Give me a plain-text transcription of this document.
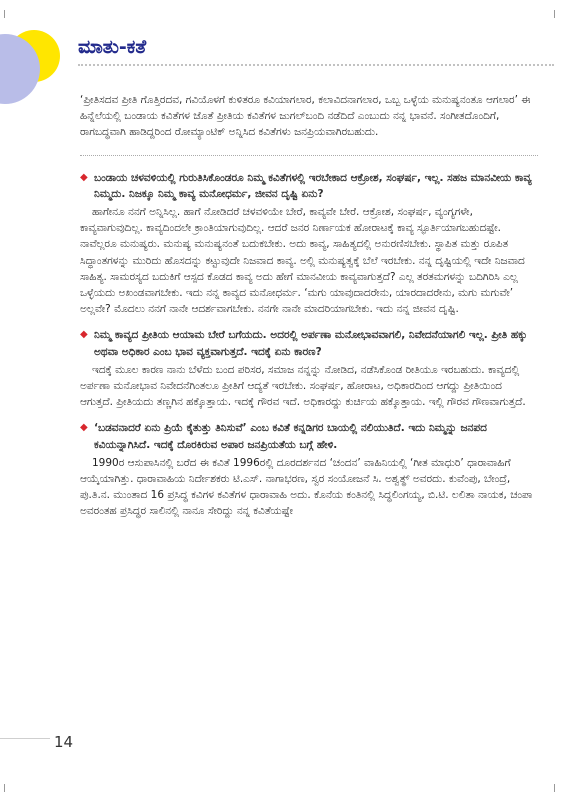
ಮಾತು-ಕತೆ

‘ಪ್ರೀತಿಸದವ ಪ್ರೀತಿ ಗೊತ್ತಿರದವ, ಗವಿಯೊಳಗೆ ಕುಳಿತರೂ ಕವಿಯಾಗಲಾರ, ಕಲಾವಿದನಾಗಲಾರ, ಒಬ್ಬ ಒಳ್ಳೆಯ ಮನುಷ್ಯನಂತೂ ಆಗಲಾರ’ ಈ ಹಿನ್ನೆಲೆಯಲ್ಲಿ ಬಂಡಾಯ ಕವಿತೆಗಳ ಜೊತೆ ಪ್ರೀತಿಯ ಕವಿತೆಗಳ ಜುಗಲ್‌ಬಂದಿ ನಡೆದಿದೆ ಎಂಬುದು ನನ್ನ ಭಾವನೆ. ಸಂಗೀತದೊಂದಿಗೆ, ರಾಗಬದ್ಧವಾಗಿ ಹಾಡಿದ್ದರಿಂದ ರೋಮ್ಯಾಂಟಿಕ್ ಅನ್ನಿಸಿದ ಕವಿತೆಗಳು ಜನಪ್ರಿಯವಾಗಿರಬಹುದು.

◆ ಬಂಡಾಯ ಚಳವಳಿಯಲ್ಲಿ ಗುರುತಿಸಿಕೊಂಡರೂ ನಿಮ್ಮ ಕವಿತೆಗಳಲ್ಲಿ ಇರಬೇಕಾದ ಆಕ್ರೋಶ, ಸಂಘರ್ಷ, ಇಲ್ಲ. ಸಹಜ ಮಾನವೀಯ ಕಾವ್ಯ ನಿಮ್ಮದು. ನಿಜಕ್ಕೂ ನಿಮ್ಮ ಕಾವ್ಯ ಮನೋಧರ್ಮ, ಜೀವನ ದೃಷ್ಟಿ ಏನು?

ಹಾಗೇನೂ ನನಗೆ ಅನ್ನಿಸಿಲ್ಲ. ಹಾಗೆ ನೋಡಿದರೆ ಚಳವಳಿಯೇ ಬೇರೆ, ಕಾವ್ಯವೇ ಬೇರೆ. ಆಕ್ರೋಶ, ಸಂಘರ್ಷ, ವ್ಯಂಗ್ಯಗಳೇ, ಕಾವ್ಯವಾಗುವುದಿಲ್ಲ. ಕಾವ್ಯದಿಂದಲೇ ಕ್ರಾಂತಿಯಾಗುವುದಿಲ್ಲ. ಆದರೆ ಜನರ ನಿರ್ಣಾಯಕ ಹೋರಾಟಕ್ಕೆ ಕಾವ್ಯ ಸ್ಫೂರ್ತಿಯಾಗಬಹುದಷ್ಟೇ. ನಾವೆಲ್ಲರೂ ಮನುಷ್ಯರು. ಮನುಷ್ಯ ಮನುಷ್ಯನಂತೆ ಬದುಕಬೇಕು. ಅದು ಕಾವ್ಯ, ಸಾಹಿತ್ಯದಲ್ಲಿ ಅನುರಣಿಸಬೇಕು. ಸ್ಥಾಪಿತ ಮತ್ತು ರೂಪಿತ ಸಿದ್ಧಾಂತಗಳನ್ನು ಮುರಿದು ಹೊಸದನ್ನು ಕಟ್ಟುವುದೇ ನಿಜವಾದ ಕಾವ್ಯ. ಅಲ್ಲಿ ಮನುಷ್ಯತ್ವಕ್ಕೆ ಬೆಲೆ ಇರಬೇಕು. ನನ್ನ ದೃಷ್ಟಿಯಲ್ಲಿ ಇದೇ ನಿಜವಾದ ಸಾಹಿತ್ಯ. ಸಾಮರಸ್ಯದ ಬದುಕಿಗೆ ಆಸ್ಪದ ಕೊಡದ ಕಾವ್ಯ ಅದು ಹೇಗೆ ಮಾನವೀಯ ಕಾವ್ಯವಾಗುತ್ತದೆ? ಎಲ್ಲ ತರತಮಗಳನ್ನು ಬದಿಗಿರಿಸಿ ಎಲ್ಲ ಒಳ್ಳೆಯದು ಅಖಂಡವಾಗಬೇಕು. ಇದು ನನ್ನ ಕಾವ್ಯದ ಮನೋಧರ್ಮ. ‘ಮಗು ಯಾವುದಾದರೇನು, ಯಾರದಾದರೇನು, ಮಗು ಮಗುವೇ’ ಅಲ್ಲವೇ? ಮೊದಲು ನನಗೆ ನಾನೇ ಆದರ್ಶವಾಗಬೇಕು. ನನಗೇ ನಾನೇ ಮಾದರಿಯಾಗಬೇಕು. ಇದು ನನ್ನ ಜೀವನ ದೃಷ್ಟಿ.

◆ ನಿಮ್ಮ ಕಾವ್ಯದ ಪ್ರೀತಿಯ ಆಯಾಮ ಬೇರೆ ಬಗೆಯದು. ಅದರಲ್ಲಿ ಅರ್ಪಣಾ ಮನೋಭಾವವಾಗಲಿ, ನಿವೇದನೆಯಾಗಲಿ ಇಲ್ಲ. ಪ್ರೀತಿ ಹಕ್ಕು ಅಥವಾ ಅಧಿಕಾರ ಎಂಬ ಭಾವ ವ್ಯಕ್ತವಾಗುತ್ತದೆ. ಇದಕ್ಕೆ ಏನು ಕಾರಣ?

ಇದಕ್ಕೆ ಮೂಲ ಕಾರಣ ನಾನು ಬೆಳೆದು ಬಂದ ಪರಿಸರ, ಸಮಾಜ ನನ್ನನ್ನು ನೋಡಿದ, ನಡೆಸಿಕೊಂಡ ರೀತಿಯೂ ಇರಬಹುದು. ಕಾವ್ಯದಲ್ಲಿ ಅರ್ಪಣಾ ಮನೋಭಾವ ನಿವೇದನೆಗಿಂತಲೂ ಪ್ರೀತಿಗೆ ಆದ್ಯತೆ ಇರಬೇಕು. ಸಂಘರ್ಷ, ಹೋರಾಟ, ಅಧಿಕಾರದಿಂದ ಆಗದ್ದು ಪ್ರೀತಿಯಿಂದ ಆಗುತ್ತದೆ. ಪ್ರೀತಿಯದು ತಣ್ಣಗಿನ ಹಕ್ಕೊತ್ತಾಯ. ಇದಕ್ಕೆ ಗೌರವ ಇದೆ. ಅಧಿಕಾರದ್ದು ಕುರ್ಚಿಯ ಹಕ್ಕೊತ್ತಾಯ. ಇಲ್ಲಿ ಗೌರವ ಗೌಣವಾಗುತ್ತದೆ.

◆ ‘ಬಡವನಾದರೆ ಏನು ಪ್ರಿಯೆ ಕೈತುತ್ತು ತಿನಿಸುವೆ’ ಎಂಬ ಕವಿತೆ ಕನ್ನಡಿಗರ ಬಾಯಲ್ಲಿ ನಲಿಯುತಿದೆ. ಇದು ನಿಮ್ಮನ್ನು ಜನಪದ ಕವಿಯನ್ನಾಗಿಸಿದೆ. ಇದಕ್ಕೆ ದೊರಕಿರುವ ಅಪಾರ ಜನಪ್ರಿಯತೆಯ ಬಗ್ಗೆ ಹೇಳಿ.

1990ರ ಆಸುಪಾಸಿನಲ್ಲಿ ಬರೆದ ಈ ಕವಿತೆ 1996ರಲ್ಲಿ ದೂರದರ್ಶನದ ‘ಚಂದನ’ ವಾಹಿನಿಯಲ್ಲಿ ‘ಗೀತ ಮಾಧುರಿ’ ಧಾರಾವಾಹಿಗೆ ಆಯ್ಕೆಯಾಗಿತ್ತು. ಧಾರಾವಾಹಿಯ ನಿರ್ದೇಶಕರು ಟಿ.ಎಸ್. ನಾಗಾಭರಣ, ಸ್ವರ ಸಂಯೋಜನೆ ಸಿ. ಅಶ್ವತ್ಥ್ ಅವರದು. ಕುವೆಂಪು, ಬೇಂದ್ರೆ, ಪು.ತಿ.ನ. ಮುಂತಾದ 16 ಪ್ರಸಿದ್ಧ ಕವಿಗಳ ಕವಿತೆಗಳ ಧಾರಾವಾಹಿ ಅದು. ಕೊನೆಯ ಕಂತಿನಲ್ಲಿ ಸಿದ್ಧಲಿಂಗಯ್ಯ, ಬಿ.ಟಿ. ಲಲಿತಾ ನಾಯಕ, ಚಂಪಾ ಅವರಂತಹ ಪ್ರಸಿದ್ಧರ ಸಾಲಿನಲ್ಲಿ ನಾನೂ ಸೇರಿದ್ದು ನನ್ನ ಕವಿತೆಯಷ್ಟೇ

14
